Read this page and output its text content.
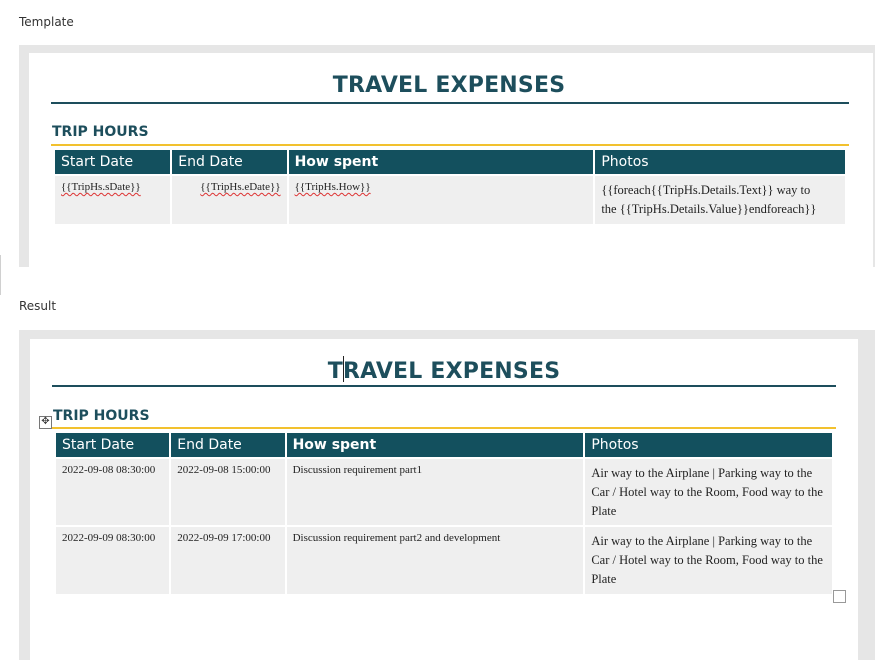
Template
TRAVEL EXPENSES
TRIP HOURS
Start Date	End Date	How spent	Photos
{{TripHs.sDate}}	{{TripHs.eDate}}	{{TripHs.How}}	{{foreach{{TripHs.Details.Text}} way to
the {{TripHs.Details.Value}}endforeach}}
Result
TRAVEL EXPENSES
✥ TRIP HOURS
Start Date	End Date	How spent	Photos
2022-09-08 08:30:00	2022-09-08 15:00:00	Discussion requirement part1	Air way to the Airplane | Parking way to the Car / Hotel way to the Room, Food way to the Plate
2022-09-09 08:30:00	2022-09-09 17:00:00	Discussion requirement part2 and development	Air way to the Airplane | Parking way to the Car / Hotel way to the Room, Food way to the Plate
